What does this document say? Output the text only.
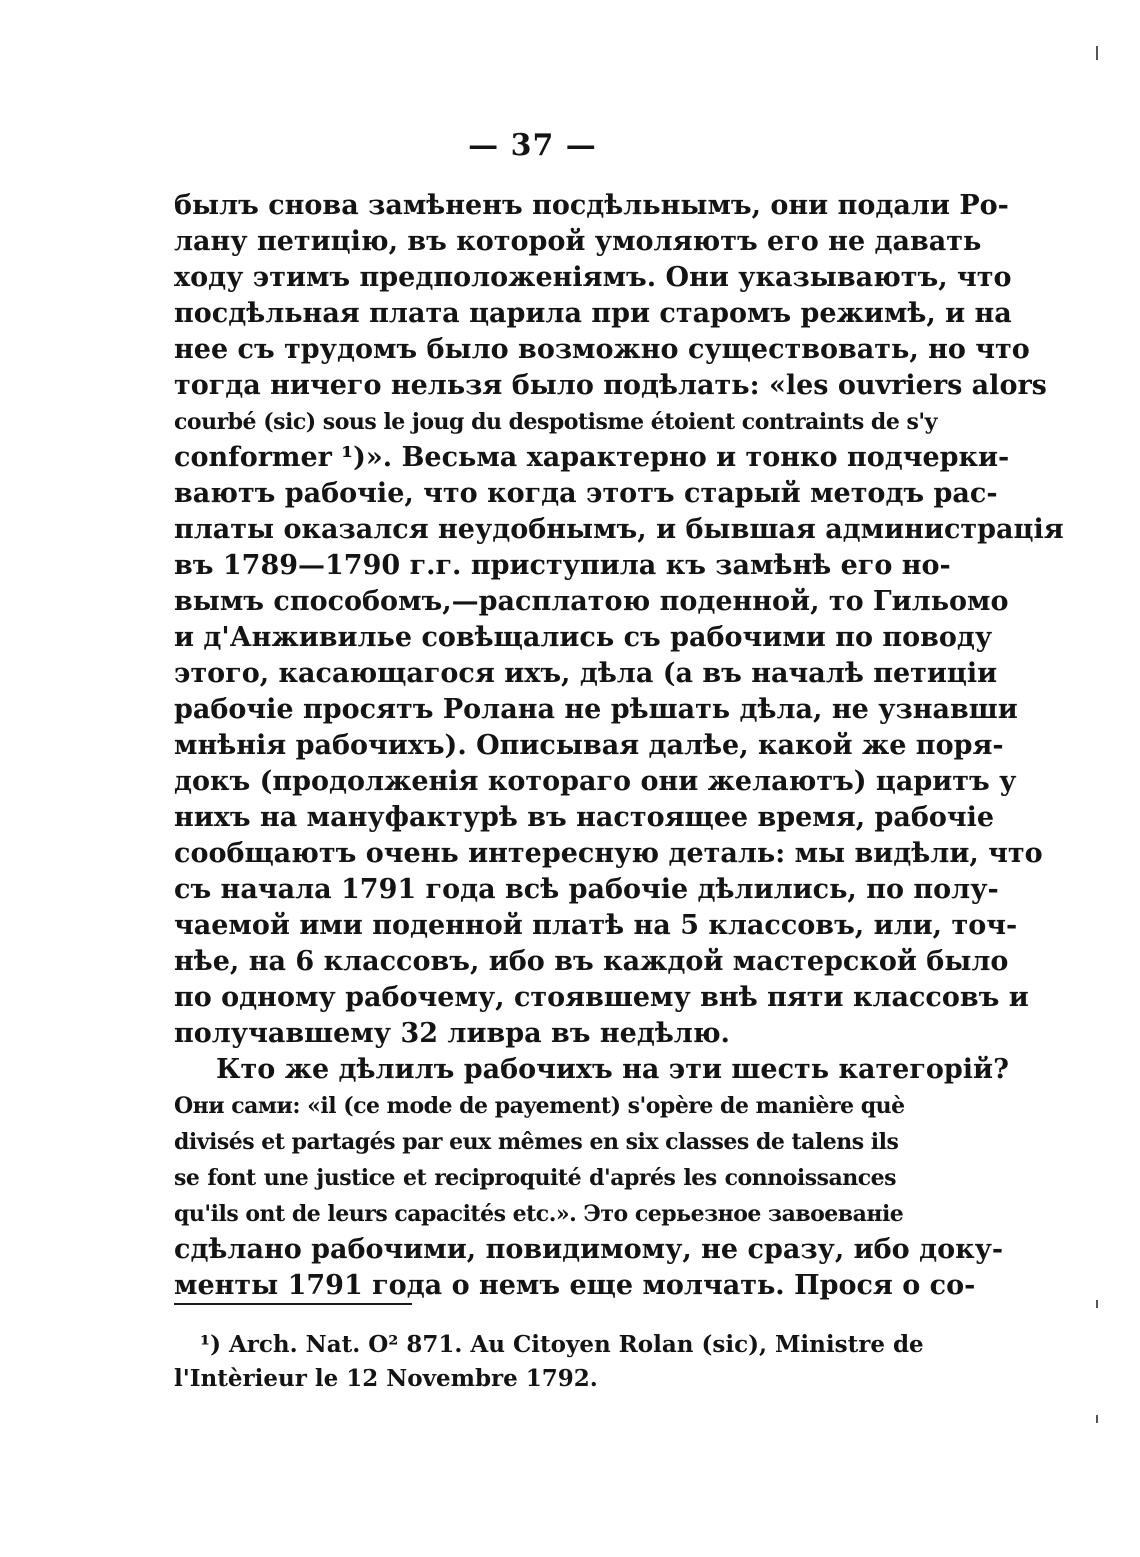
— 37 —
былъ снова замѣненъ посдѣльнымъ, они подали Ро-
лану петицію, въ которой умоляютъ его не давать
ходу этимъ предположеніямъ. Они указываютъ, что
посдѣльная плата царила при старомъ режимѣ, и на
нее съ трудомъ было возможно существовать, но что
тогда ничего нельзя было подѣлать: «les ouvriers alors
courbé (sic) sous le joug du despotisme étoient contraints de s'y
conformer ¹)». Весьма характерно и тонко подчерки-
ваютъ рабочіе, что когда этотъ старый методъ рас-
платы оказался неудобнымъ, и бывшая администрація
въ 1789—1790 г.г. приступила къ замѣнѣ его но-
вымъ способомъ,—расплатою поденной, то Гильомо
и д'Анживилье совѣщались съ рабочими по поводу
этого, касающагося ихъ, дѣла (а въ началѣ петиціи
рабочіе просятъ Ролана не рѣшать дѣла, не узнавши
мнѣнія рабочихъ). Описывая далѣе, какой же поря-
докъ (продолженія котораго они желаютъ) царитъ у
нихъ на мануфактурѣ въ настоящее время, рабочіе
сообщаютъ очень интересную деталь: мы видѣли, что
съ начала 1791 года всѣ рабочіе дѣлились, по полу-
чаемой ими поденной платѣ на 5 классовъ, или, точ-
нѣе, на 6 классовъ, ибо въ каждой мастерской было
по одному рабочему, стоявшему внѣ пяти классовъ и
получавшему 32 ливра въ недѣлю.
Кто же дѣлилъ рабочихъ на эти шесть категорій?
Они сами: «il (ce mode de payement) s'opère de manière què
divisés et partagés par eux mêmes en six classes de talens ils
se font une justice et reciproquité d'aprés les connoissances
qu'ils ont de leurs capacités etc.». Это серьезное завоеваніе
сдѣлано рабочими, повидимому, не сразу, ибо доку-
менты 1791 года о немъ еще молчать. Прося о со-
¹) Arch. Nat. O² 871. Au Citoyen Rolan (sic), Ministre de
l'Intèrieur le 12 Novembre 1792.
